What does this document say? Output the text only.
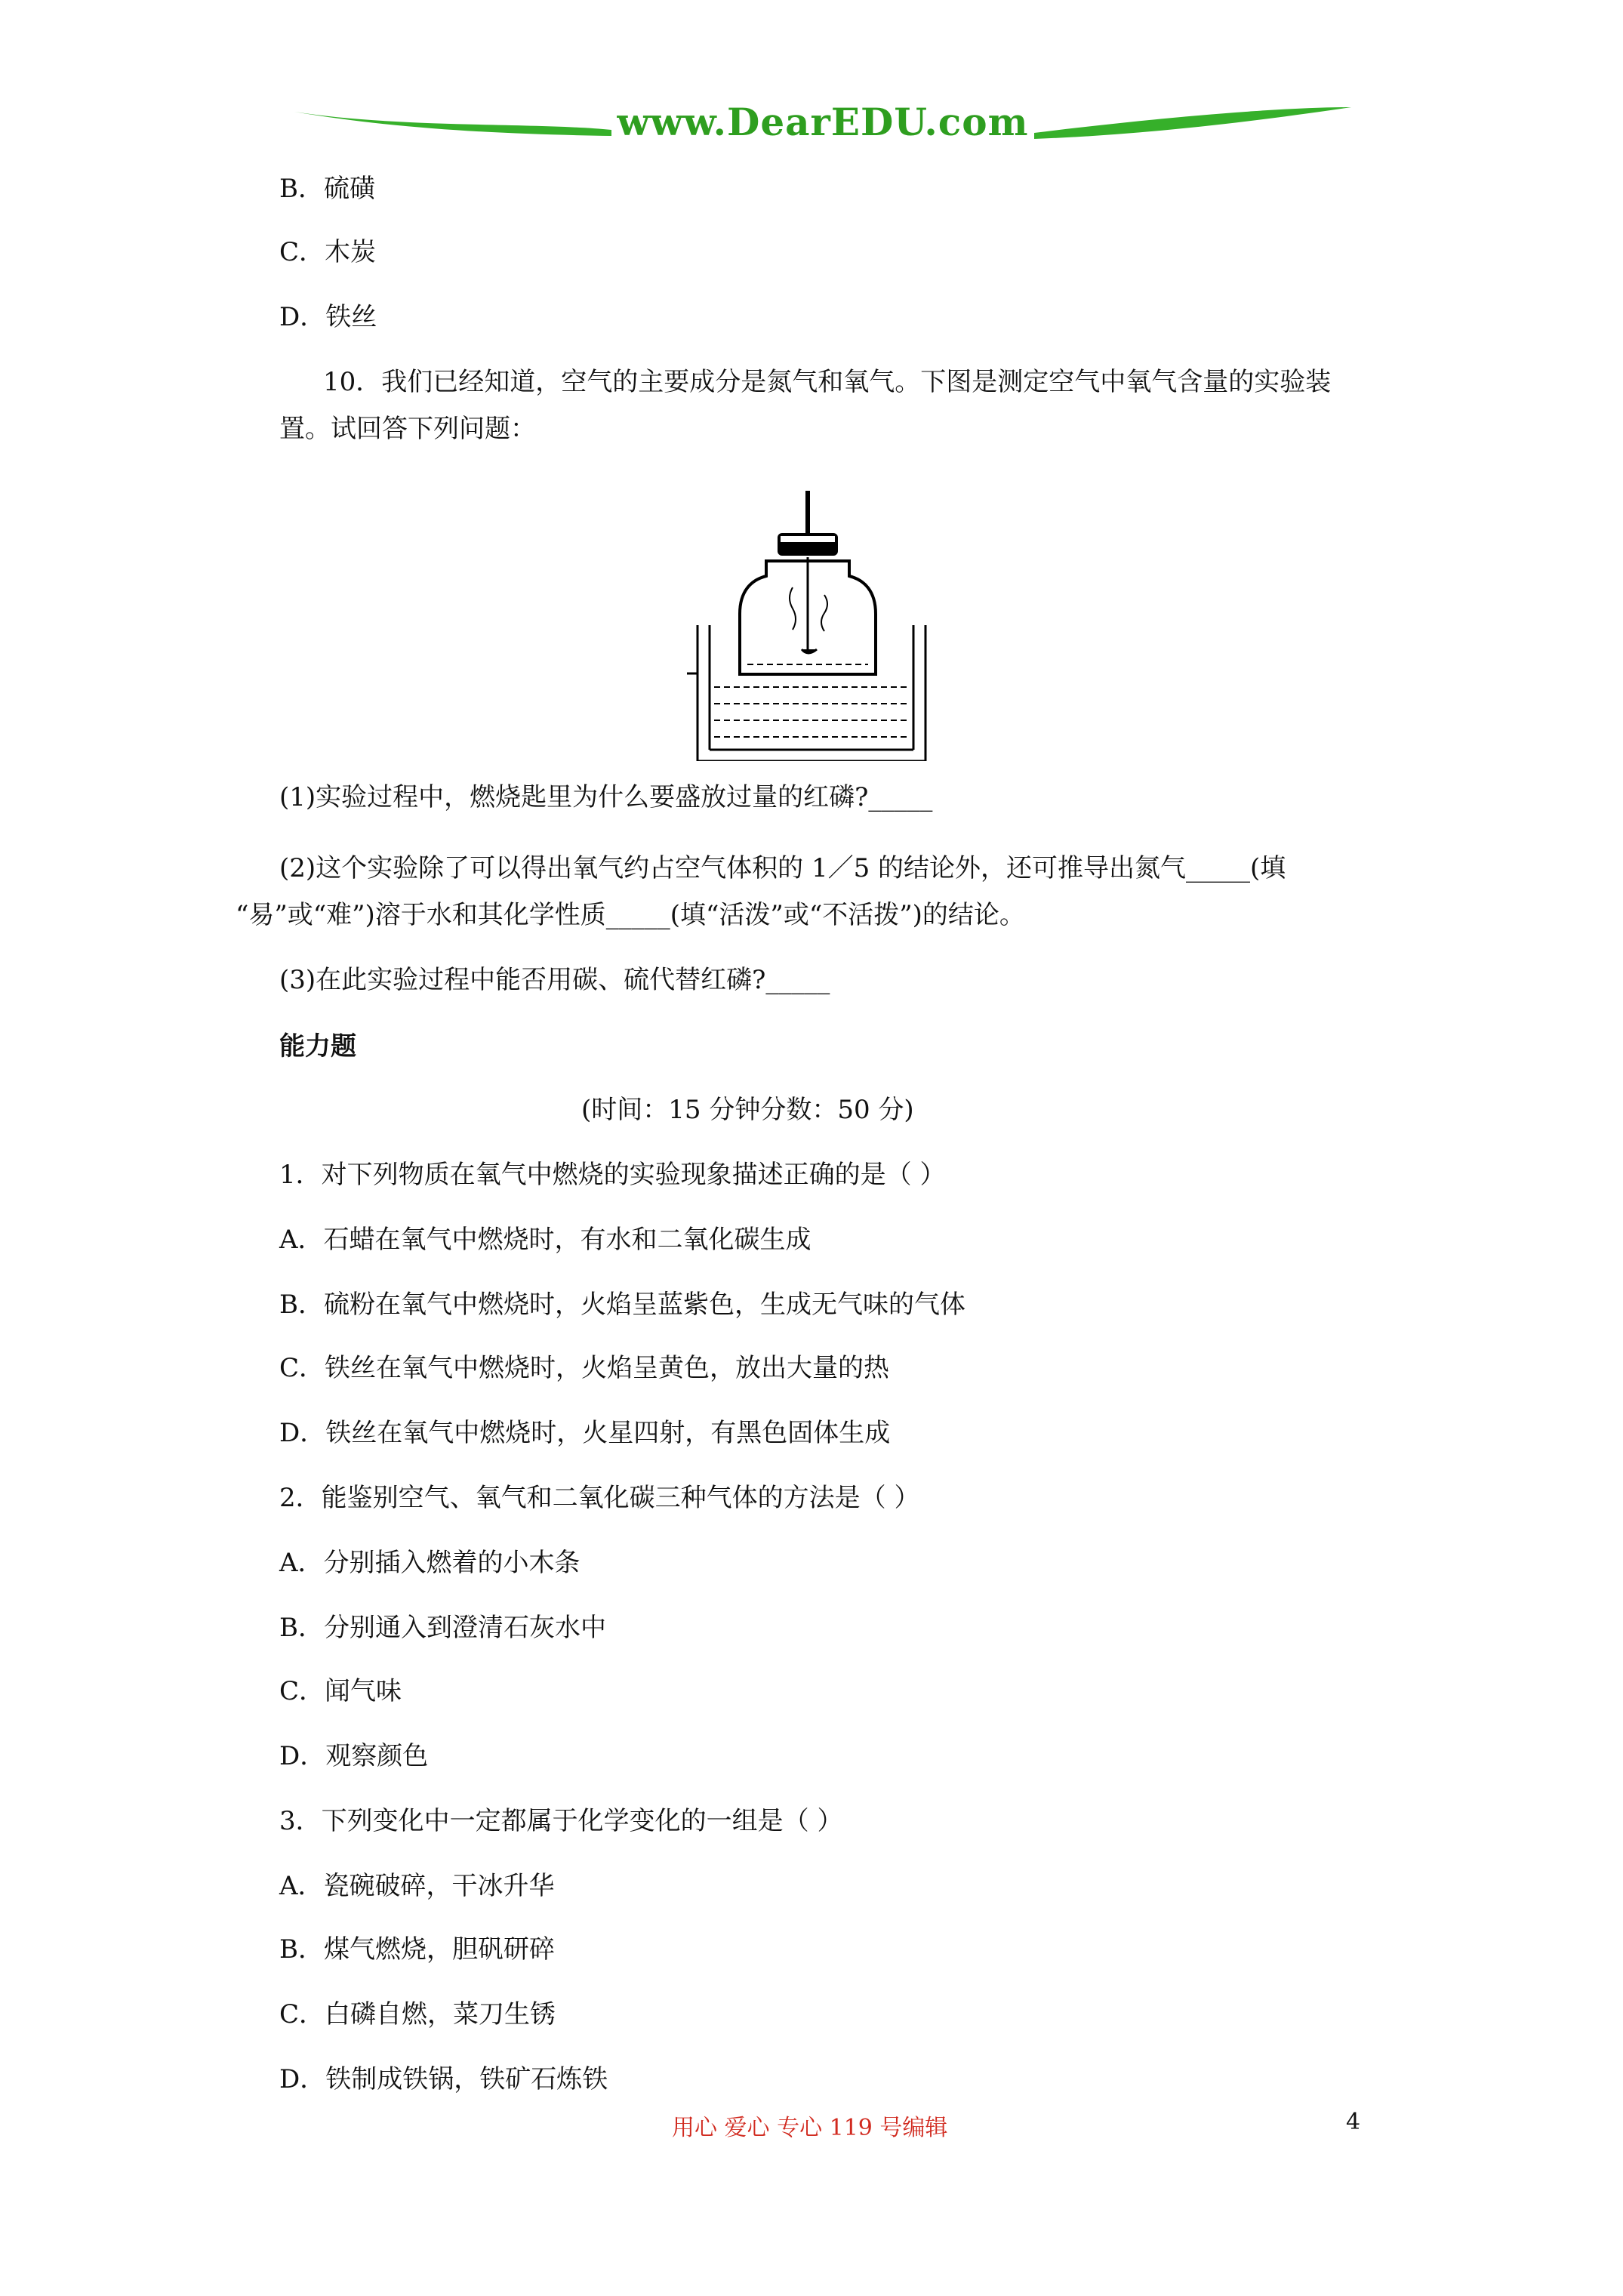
www.DearEDU.com
B．硫磺
C．木炭
D．铁丝
10．我们已经知道，空气的主要成分是氮气和氧气。下图是测定空气中氧气含量的实验装
置。试回答下列问题：
(1)实验过程中，燃烧匙里为什么要盛放过量的红磷?_____
(2)这个实验除了可以得出氧气约占空气体积的 1／5 的结论外，还可推导出氮气_____(填
“易”或“难”)溶于水和其化学性质_____(填“活泼”或“不活拨”)的结论。
(3)在此实验过程中能否用碳、硫代替红磷?_____
能力题
(时间：15 分钟分数：50 分)
1．对下列物质在氧气中燃烧的实验现象描述正确的是（ ）
A．石蜡在氧气中燃烧时，有水和二氧化碳生成
B．硫粉在氧气中燃烧时，火焰呈蓝紫色，生成无气味的气体
C．铁丝在氧气中燃烧时，火焰呈黄色，放出大量的热
D．铁丝在氧气中燃烧时，火星四射，有黑色固体生成
2．能鉴别空气、氧气和二氧化碳三种气体的方法是（ ）
A．分别插入燃着的小木条
B．分别通入到澄清石灰水中
C．闻气味
D．观察颜色
3．下列变化中一定都属于化学变化的一组是（ ）
A．瓷碗破碎，干冰升华
B．煤气燃烧，胆矾研碎
C．白磷自燃，菜刀生锈
D．铁制成铁锅，铁矿石炼铁
用心 爱心 专心 119 号编辑	4
